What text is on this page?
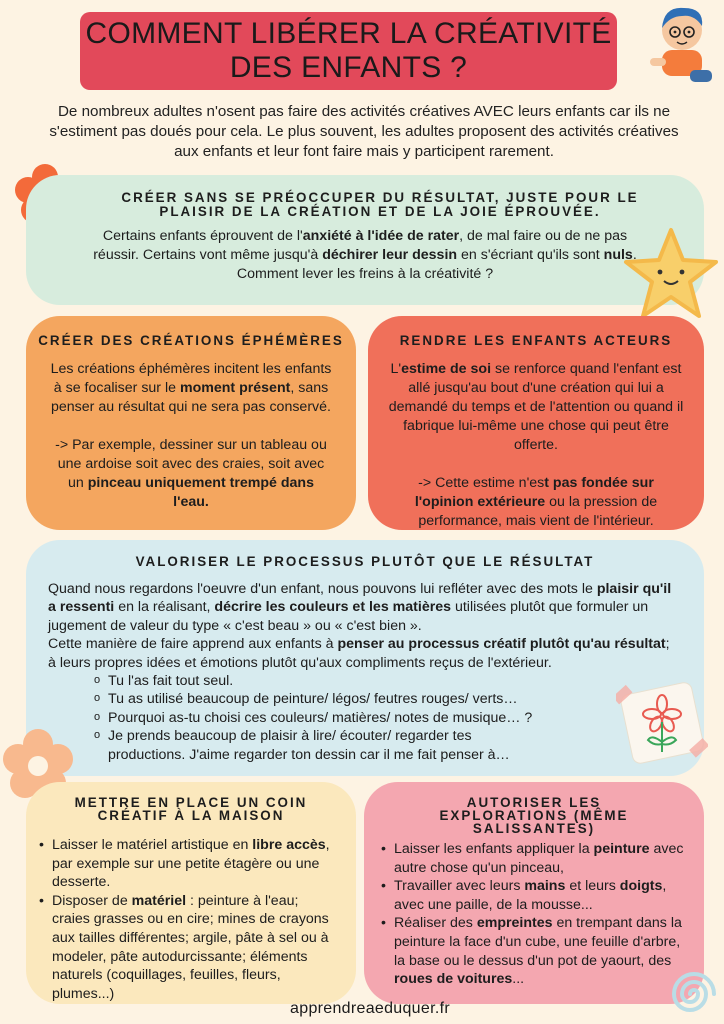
COMMENT LIBÉRER LA CRÉATIVITÉ
DES ENFANTS ?

De nombreux adultes n'osent pas faire des activités créatives AVEC leurs enfants car ils ne s'estiment pas doués pour cela. Le plus souvent, les adultes proposent des activités créatives aux enfants et leur font faire mais y participent rarement.

CRÉER SANS SE PRÉOCCUPER DU RÉSULTAT, JUSTE POUR LE
PLAISIR DE LA CRÉATION ET DE LA JOIE ÉPROUVÉE.

Certains enfants éprouvent de l'anxiété à l'idée de rater, de mal faire ou de ne pas réussir. Certains vont même jusqu'à déchirer leur dessin en s'écriant qu'ils sont nuls.
Comment lever les freins à la créativité ?

CRÉER DES CRÉATIONS ÉPHÉMÈRES

Les créations éphémères incitent les enfants à se focaliser sur le moment présent, sans penser au résultat qui ne sera pas conservé.

-> Par exemple, dessiner sur un tableau ou une ardoise soit avec des craies, soit avec un pinceau uniquement trempé dans l'eau.

RENDRE LES ENFANTS ACTEURS

L'estime de soi se renforce quand l'enfant est allé jusqu'au bout d'une création qui lui a demandé du temps et de l'attention ou quand il fabrique lui-même une chose qui peut être offerte.

-> Cette estime n'est pas fondée sur l'opinion extérieure ou la pression de performance, mais vient de l'intérieur.

VALORISER LE PROCESSUS PLUTÔT QUE LE RÉSULTAT
Quand nous regardons l'oeuvre d'un enfant, nous pouvons lui refléter avec des mots le plaisir qu'il a ressenti en la réalisant, décrire les couleurs et les matières utilisées plutôt que formuler un jugement de valeur du type « c'est beau » ou « c'est bien ».
Cette manière de faire apprend aux enfants à penser au processus créatif plutôt qu'au résultat; à leurs propres idées et émotions plutôt qu'aux compliments reçus de l'extérieur.
o Tu l'as fait tout seul.
o Tu as utilisé beaucoup de peinture/ légos/ feutres rouges/ verts…
o Pourquoi as-tu choisi ces couleurs/ matières/ notes de musique… ?
o Je prends beaucoup de plaisir à lire/ écouter/ regarder tes productions. J'aime regarder ton dessin car il me fait penser à…
METTRE EN PLACE UN COIN
CRÉATIF À LA MAISON
• Laisser le matériel artistique en libre accès, par exemple sur une petite étagère ou une desserte.
• Disposer de matériel : peinture à l'eau; craies grasses ou en cire; mines de crayons aux tailles différentes; argile, pâte à sel ou à modeler, pâte autodurcissante; éléments naturels (coquillages, feuilles, fleurs, plumes...)
AUTORISER LES
EXPLORATIONS (MÊME
SALISSANTES)
• Laisser les enfants appliquer la peinture avec autre chose qu'un pinceau,
• Travailler avec leurs mains et leurs doigts, avec une paille, de la mousse...
• Réaliser des empreintes en trempant dans la peinture la face d'un cube, une feuille d'arbre, la base ou le dessus d'un pot de yaourt, des roues de voitures...
apprendreaeduquer.fr
